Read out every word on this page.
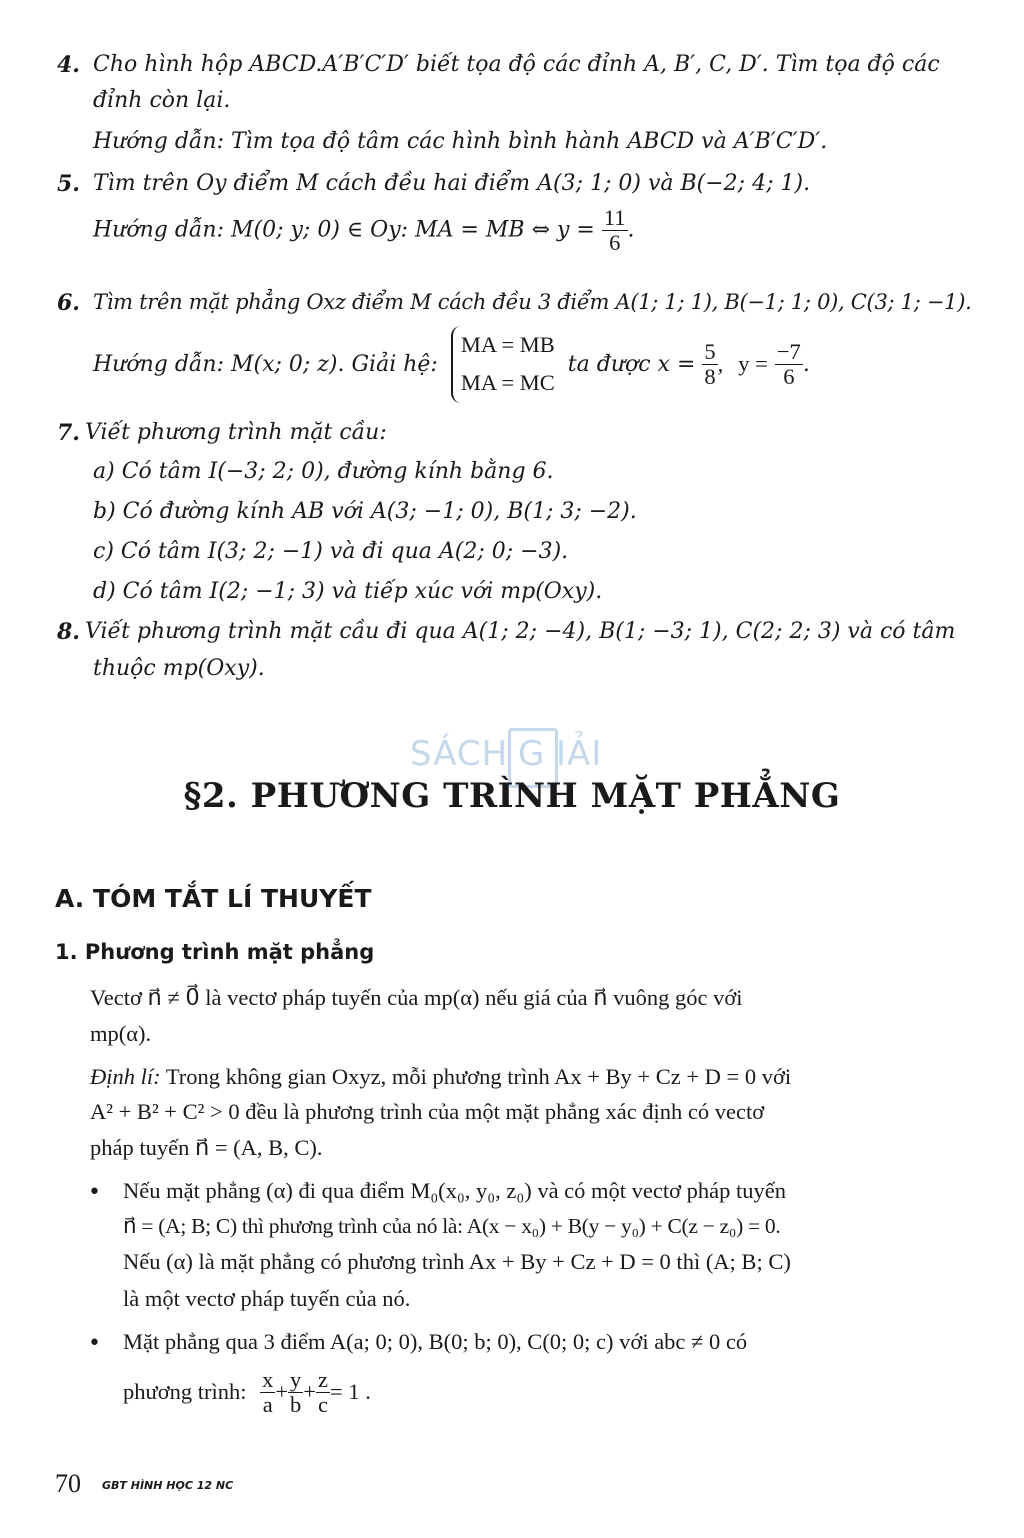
4. Cho hình hộp ABCD.A′B′C′D′ biết tọa độ các đỉnh A, B′, C, D′. Tìm tọa độ các
đỉnh còn lại.
Hướng dẫn: Tìm tọa độ tâm các hình bình hành ABCD và A′B′C′D′.
5. Tìm trên Oy điểm M cách đều hai điểm A(3; 1; 0) và B(−2; 4; 1).
Hướng dẫn: M(0; y; 0) ∈ Oy: MA = MB ⇔ $y = \frac{11}{6}$ .
6. Tìm trên mặt phẳng Oxz điểm M cách đều 3 điểm A(1; 1; 1), B(−1; 1; 0), C(3; 1; −1).
Hướng dẫn: M(x; 0; z). Giải hệ:
MA = MB
MA = MC
ta được $x = \frac{5}{8}$ , $y = \frac{-7}{6}$ .
7. Viết phương trình mặt cầu:
a) Có tâm I(−3; 2; 0), đường kính bằng 6.
b) Có đường kính AB với A(3; −1; 0), B(1; 3; −2).
c) Có tâm I(3; 2; −1) và đi qua A(2; 0; −3).
d) Có tâm I(2; −1; 3) và tiếp xúc với mp(Oxy).
8. Viết phương trình mặt cầu đi qua A(1; 2; −4), B(1; −3; 1), C(2; 2; 3) và có tâm
thuộc mp(Oxy).
SÁCH G IẢI
§2. PHƯƠNG TRÌNH MẶT PHẲNG
A. TÓM TẮT LÍ THUYẾT
1. Phương trình mặt phẳng
Vectơ n⃗ ≠ 0⃗ là vectơ pháp tuyến của mp(α) nếu giá của n⃗ vuông góc với
mp(α).
Định lí: Trong không gian Oxyz, mỗi phương trình Ax + By + Cz + D = 0 với
A² + B² + C² > 0 đều là phương trình của một mặt phẳng xác định có vectơ
pháp tuyến n⃗ = (A, B, C).
• Nếu mặt phẳng (α) đi qua điểm M₀(x₀, y₀, z₀) và có một vectơ pháp tuyến
n⃗ = (A; B; C) thì phương trình của nó là: A(x − x₀) + B(y − y₀) + C(z − z₀) = 0.
Nếu (α) là mặt phẳng có phương trình Ax + By + Cz + D = 0 thì (A; B; C)
là một vectơ pháp tuyến của nó.
• Mặt phẳng qua 3 điểm A(a; 0; 0), B(0; b; 0), C(0; 0; c) với abc ≠ 0 có
phương trình: $\frac{x}{a} + \frac{y}{b} + \frac{z}{c} = 1$ .
70 GBT HÌNH HỌC 12 NC
